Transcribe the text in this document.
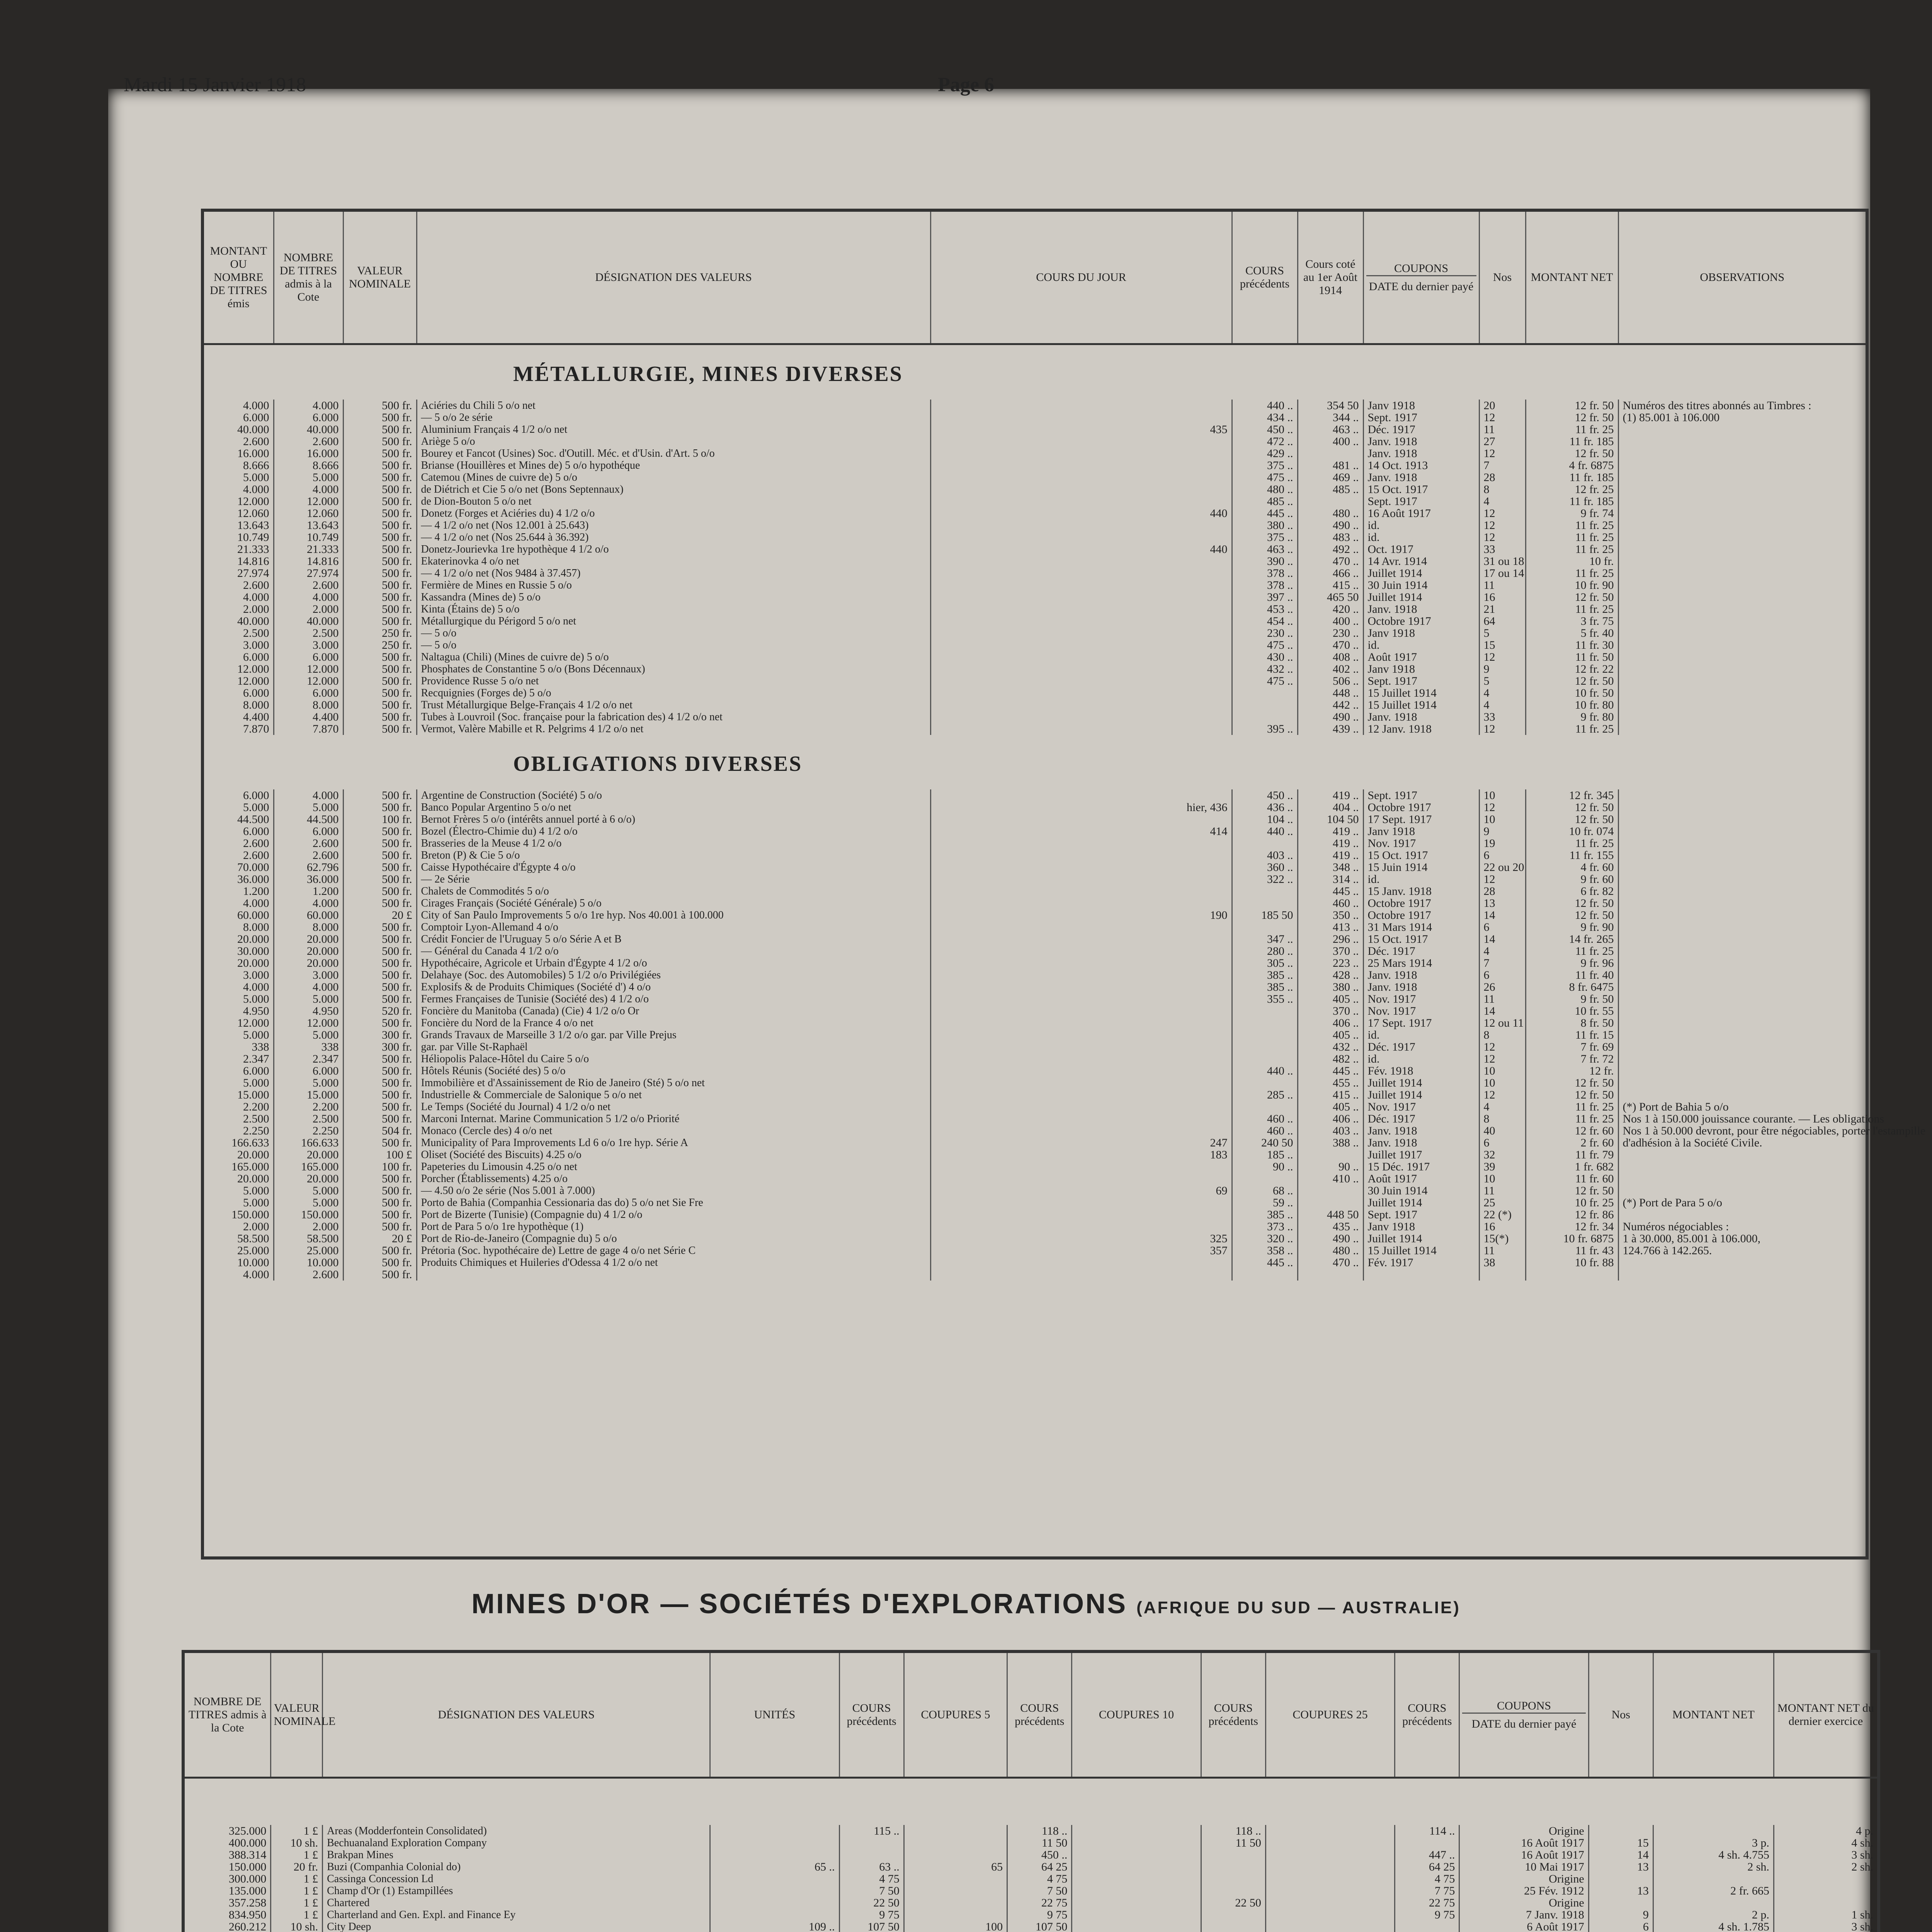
Mardi 15 Janvier 1918	Page 6
MONTANT OU NOMBRE DE TITRES émis	NOMBRE DE TITRES admis à la Cote	VALEUR NOMINALE	DÉSIGNATION DES VALEURS	COURS DU JOUR	COURS précédents	Cours coté au 1er Août 1914	COUPONS
DATE du dernier payé	Nos	MONTANT NET	OBSERVATIONS
MÉTALLURGIE, MINES DIVERSES										
4.000	4.000	500 fr.	Aciéries du Chili 5 o/o net		440 ..	354 50	Janv 1918	20	12 fr. 50	Numéros des titres abonnés au Timbres :
6.000	6.000	500 fr.	— 5 o/o 2e série		434 ..	344 ..	Sept. 1917	12	12 fr. 50	(1) 85.001 à 106.000
40.000	40.000	500 fr.	Aluminium Français 4 1/2 o/o net	435	450 ..	463 ..	Déc. 1917	11	11 fr. 25	
2.600	2.600	500 fr.	Ariège 5 o/o		472 ..	400 ..	Janv. 1918	27	11 fr. 185	
16.000	16.000	500 fr.	Bourey et Fancot (Usines) Soc. d'Outill. Méc. et d'Usin. d'Art. 5 o/o		429 ..		Janv. 1918	12	12 fr. 50	
8.666	8.666	500 fr.	Brianse (Houillères et Mines de) 5 o/o hypothéque		375 ..	481 ..	14 Oct. 1913	7	4 fr. 6875	
5.000	5.000	500 fr.	Catemou (Mines de cuivre de) 5 o/o		475 ..	469 ..	Janv. 1918	28	11 fr. 185	
4.000	4.000	500 fr.	de Diétrich et Cie 5 o/o net (Bons Septennaux)		480 ..	485 ..	15 Oct. 1917	8	12 fr. 25	
12.000	12.000	500 fr.	de Dion-Bouton 5 o/o net		485 ..		Sept. 1917	4	11 fr. 185	
12.060	12.060	500 fr.	Donetz (Forges et Aciéries du) 4 1/2 o/o	440	445 ..	480 ..	16 Août 1917	12	9 fr. 74	
13.643	13.643	500 fr.	— 4 1/2 o/o net (Nos 12.001 à 25.643)		380 ..	490 ..	id.	12	11 fr. 25	
10.749	10.749	500 fr.	— 4 1/2 o/o net (Nos 25.644 à 36.392)		375 ..	483 ..	id.	12	11 fr. 25	
21.333	21.333	500 fr.	Donetz-Jourievka 1re hypothèque 4 1/2 o/o	440	463 ..	492 ..	Oct. 1917	33	11 fr. 25	
14.816	14.816	500 fr.	Ekaterinovka 4 o/o net		390 ..	470 ..	14 Avr. 1914	31 ou 18	10 fr.	
27.974	27.974	500 fr.	— 4 1/2 o/o net (Nos 9484 à 37.457)		378 ..	466 ..	Juillet 1914	17 ou 14	11 fr. 25	
2.600	2.600	500 fr.	Fermière de Mines en Russie 5 o/o		378 ..	415 ..	30 Juin 1914	11	10 fr. 90	
4.000	4.000	500 fr.	Kassandra (Mines de) 5 o/o		397 ..	465 50	Juillet 1914	16	12 fr. 50	
2.000	2.000	500 fr.	Kinta (Étains de) 5 o/o		453 ..	420 ..	Janv. 1918	21	11 fr. 25	
40.000	40.000	500 fr.	Métallurgique du Périgord 5 o/o net		454 ..	400 ..	Octobre 1917	64	3 fr. 75	
2.500	2.500	250 fr.	— 5 o/o		230 ..	230 ..	Janv 1918	5	5 fr. 40	
3.000	3.000	250 fr.	— 5 o/o		475 ..	470 ..	id.	15	11 fr. 30	
6.000	6.000	500 fr.	Naltagua (Chili) (Mines de cuivre de) 5 o/o		430 ..	408 ..	Août 1917	12	11 fr. 50	
12.000	12.000	500 fr.	Phosphates de Constantine 5 o/o (Bons Décennaux)		432 ..	402 ..	Janv 1918	9	12 fr. 22	
12.000	12.000	500 fr.	Providence Russe 5 o/o net		475 ..	506 ..	Sept. 1917	5	12 fr. 50	
6.000	6.000	500 fr.	Recquignies (Forges de) 5 o/o			448 ..	15 Juillet 1914	4	10 fr. 50	
8.000	8.000	500 fr.	Trust Métallurgique Belge-Français 4 1/2 o/o net			442 ..	15 Juillet 1914	4	10 fr. 80	
4.400	4.400	500 fr.	Tubes à Louvroil (Soc. française pour la fabrication des) 4 1/2 o/o net			490 ..	Janv. 1918	33	9 fr. 80	
7.870	7.870	500 fr.	Vermot, Valère Mabille et R. Pelgrims 4 1/2 o/o net		395 ..	439 ..	12 Janv. 1918	12	11 fr. 25	
OBLIGATIONS DIVERSES										
6.000	4.000	500 fr.	Argentine de Construction (Société) 5 o/o		450 ..	419 ..	Sept. 1917	10	12 fr. 345	
5.000	5.000	500 fr.	Banco Popular Argentino 5 o/o net	hier, 436	436 ..	404 ..	Octobre 1917	12	12 fr. 50	
44.500	44.500	100 fr.	Bernot Frères 5 o/o (intérêts annuel porté à 6 o/o)		104 ..	104 50	17 Sept. 1917	10	12 fr. 50	
6.000	6.000	500 fr.	Bozel (Électro-Chimie du) 4 1/2 o/o	414	440 ..	419 ..	Janv 1918	9	10 fr. 074	
2.600	2.600	500 fr.	Brasseries de la Meuse 4 1/2 o/o			419 ..	Nov. 1917	19	11 fr. 25	
2.600	2.600	500 fr.	Breton (P) & Cie 5 o/o		403 ..	419 ..	15 Oct. 1917	6	11 fr. 155	
70.000	62.796	500 fr.	Caisse Hypothécaire d'Égypte 4 o/o		360 ..	348 ..	15 Juin 1914	22 ou 20	4 fr. 60	
36.000	36.000	500 fr.	— 2e Série		322 ..	314 ..	id.	12	9 fr. 60	
1.200	1.200	500 fr.	Chalets de Commodités 5 o/o			445 ..	15 Janv. 1918	28	6 fr. 82	
4.000	4.000	500 fr.	Cirages Français (Société Générale) 5 o/o			460 ..	Octobre 1917	13	12 fr. 50	
60.000	60.000	20 £	City of San Paulo Improvements 5 o/o 1re hyp. Nos 40.001 à 100.000	190	185 50	350 ..	Octobre 1917	14	12 fr. 50	
8.000	8.000	500 fr.	Comptoir Lyon-Allemand 4 o/o			413 ..	31 Mars 1914	6	9 fr. 90	
20.000	20.000	500 fr.	Crédit Foncier de l'Uruguay 5 o/o Série A et B		347 ..	296 ..	15 Oct. 1917	14	14 fr. 265	
30.000	20.000	500 fr.	— Général du Canada 4 1/2 o/o		280 ..	370 ..	Déc. 1917	4	11 fr. 25	
20.000	20.000	500 fr.	Hypothécaire, Agricole et Urbain d'Égypte 4 1/2 o/o		305 ..	223 ..	25 Mars 1914	7	9 fr. 96	
3.000	3.000	500 fr.	Delahaye (Soc. des Automobiles) 5 1/2 o/o Privilégiées		385 ..	428 ..	Janv. 1918	6	11 fr. 40	
4.000	4.000	500 fr.	Explosifs & de Produits Chimiques (Société d') 4 o/o		385 ..	380 ..	Janv. 1918	26	8 fr. 6475	
5.000	5.000	500 fr.	Fermes Françaises de Tunisie (Société des) 4 1/2 o/o		355 ..	405 ..	Nov. 1917	11	9 fr. 50	
4.950	4.950	520 fr.	Foncière du Manitoba (Canada) (Cie) 4 1/2 o/o Or			370 ..	Nov. 1917	14	10 fr. 55	
12.000	12.000	500 fr.	Foncière du Nord de la France 4 o/o net			406 ..	17 Sept. 1917	12 ou 11	8 fr. 50	
5.000	5.000	300 fr.	Grands Travaux de Marseille 3 1/2 o/o gar. par Ville Prejus			405 ..	id.	8	11 fr. 15	
338	338	300 fr.	gar. par Ville St-Raphaël			432 ..	Déc. 1917	12	7 fr. 69	
2.347	2.347	500 fr.	Héliopolis Palace-Hôtel du Caire 5 o/o			482 ..	id.	12	7 fr. 72	
6.000	6.000	500 fr.	Hôtels Réunis (Société des) 5 o/o		440 ..	445 ..	Fév. 1918	10	12 fr.	
5.000	5.000	500 fr.	Immobilière et d'Assainissement de Rio de Janeiro (Sté) 5 o/o net			455 ..	Juillet 1914	10	12 fr. 50	
15.000	15.000	500 fr.	Industrielle & Commerciale de Salonique 5 o/o net		285 ..	415 ..	Juillet 1914	12	12 fr. 50	
2.200	2.200	500 fr.	Le Temps (Société du Journal) 4 1/2 o/o net			405 ..	Nov. 1917	4	11 fr. 25	(*) Port de Bahia 5 o/o
2.500	2.500	500 fr.	Marconi Internat. Marine Communication 5 1/2 o/o Priorité		460 ..	406 ..	Déc. 1917	8	11 fr. 25	Nos 1 à 150.000 jouissance courante. — Les obligations
2.250	2.250	504 fr.	Monaco (Cercle des) 4 o/o net		460 ..	403 ..	Janv. 1918	40	12 fr. 60	Nos 1 à 50.000 devront, pour être négociables, porter l'estampille
166.633	166.633	500 fr.	Municipality of Para Improvements Ld 6 o/o 1re hyp. Série A	247	240 50	388 ..	Janv. 1918	6	2 fr. 60	d'adhésion à la Société Civile.
20.000	20.000	100 £	Oliset (Société des Biscuits) 4.25 o/o	183	185 ..		Juillet 1917	32	11 fr. 79	
165.000	165.000	100 fr.	Papeteries du Limousin 4.25 o/o net		90 ..	90 ..	15 Déc. 1917	39	1 fr. 682	
20.000	20.000	500 fr.	Porcher (Établissements) 4.25 o/o			410 ..	Août 1917	10	11 fr. 60	
5.000	5.000	500 fr.	— 4.50 o/o 2e série (Nos 5.001 à 7.000)	69	68 ..		30 Juin 1914	11	12 fr. 50	
5.000	5.000	500 fr.	Porto de Bahia (Companhia Cessionaria das do) 5 o/o net Sie Fre		59 ..		Juillet 1914	25	10 fr. 25	(*) Port de Para 5 o/o
150.000	150.000	500 fr.	Port de Bizerte (Tunisie) (Compagnie du) 4 1/2 o/o		385 ..	448 50	Sept. 1917	22 (*)	12 fr. 86	
2.000	2.000	500 fr.	Port de Para 5 o/o 1re hypothèque (1)		373 ..	435 ..	Janv 1918	16	12 fr. 34	Numéros négociables :
58.500	58.500	20 £	Port de Rio-de-Janeiro (Compagnie du) 5 o/o	325	320 ..	490 ..	Juillet 1914	15(*)	10 fr. 6875	1 à 30.000, 85.001 à 106.000,
25.000	25.000	500 fr.	Prétoria (Soc. hypothécaire de) Lettre de gage 4 o/o net Série C	357	358 ..	480 ..	15 Juillet 1914	11	11 fr. 43	124.766 à 142.265.
10.000	10.000	500 fr.	Produits Chimiques et Huileries d'Odessa 4 1/2 o/o net		445 ..	470 ..	Fév. 1917	38	10 fr. 88	
4.000	2.600	500 fr.								
MINES D'OR — SOCIÉTÉS D'EXPLORATIONS (AFRIQUE DU SUD — AUSTRALIE)
NOMBRE DE TITRES admis à la Cote	VALEUR NOMINALE	DÉSIGNATION DES VALEURS	UNITÉS	COURS précédents	COUPURES 5	COURS précédents	COUPURES 10	COURS précédents	COUPURES 25	COURS précédents	COUPONS
DATE du dernier payé	Nos	MONTANT NET	MONTANT NET du dernier exercice

325.000	1 £	Areas (Modderfontein Consolidated)		115 ..		118 ..		118 ..		114 ..	Origine			4 p.
400.000	10 sh.	Bechuanaland Exploration Company				11 50		11 50			16 Août 1917	15	3 p.	4 sh.
388.314	1 £	Brakpan Mines				450 ..				447 ..	16 Août 1917	14	4 sh. 4.755	3 sh.
150.000	20 fr.	Buzi (Companhia Colonial do)	65 ..	63 ..	65	64 25				64 25	10 Mai 1917	13	2 sh.	2 sh.
300.000	1 £	Cassinga Concession Ld		4 75		4 75				4 75	Origine			
135.000	1 £	Champ d'Or (1) Estampillées		7 50		7 50				7 75	25 Fév. 1912	13	2 fr. 665	
357.258	1 £	Chartered		22 50		22 75		22 50		22 75	Origine			
834.950	1 £	Charterland and Gen. Expl. and Finance Ey		9 75		9 75				9 75	7 Janv. 1918	9	2 p.	1 sh.
260.212	10 sh.	City Deep	109 ..	107 50	100	107 50					6 Août 1917	6	4 sh. 1.785	3 sh.
